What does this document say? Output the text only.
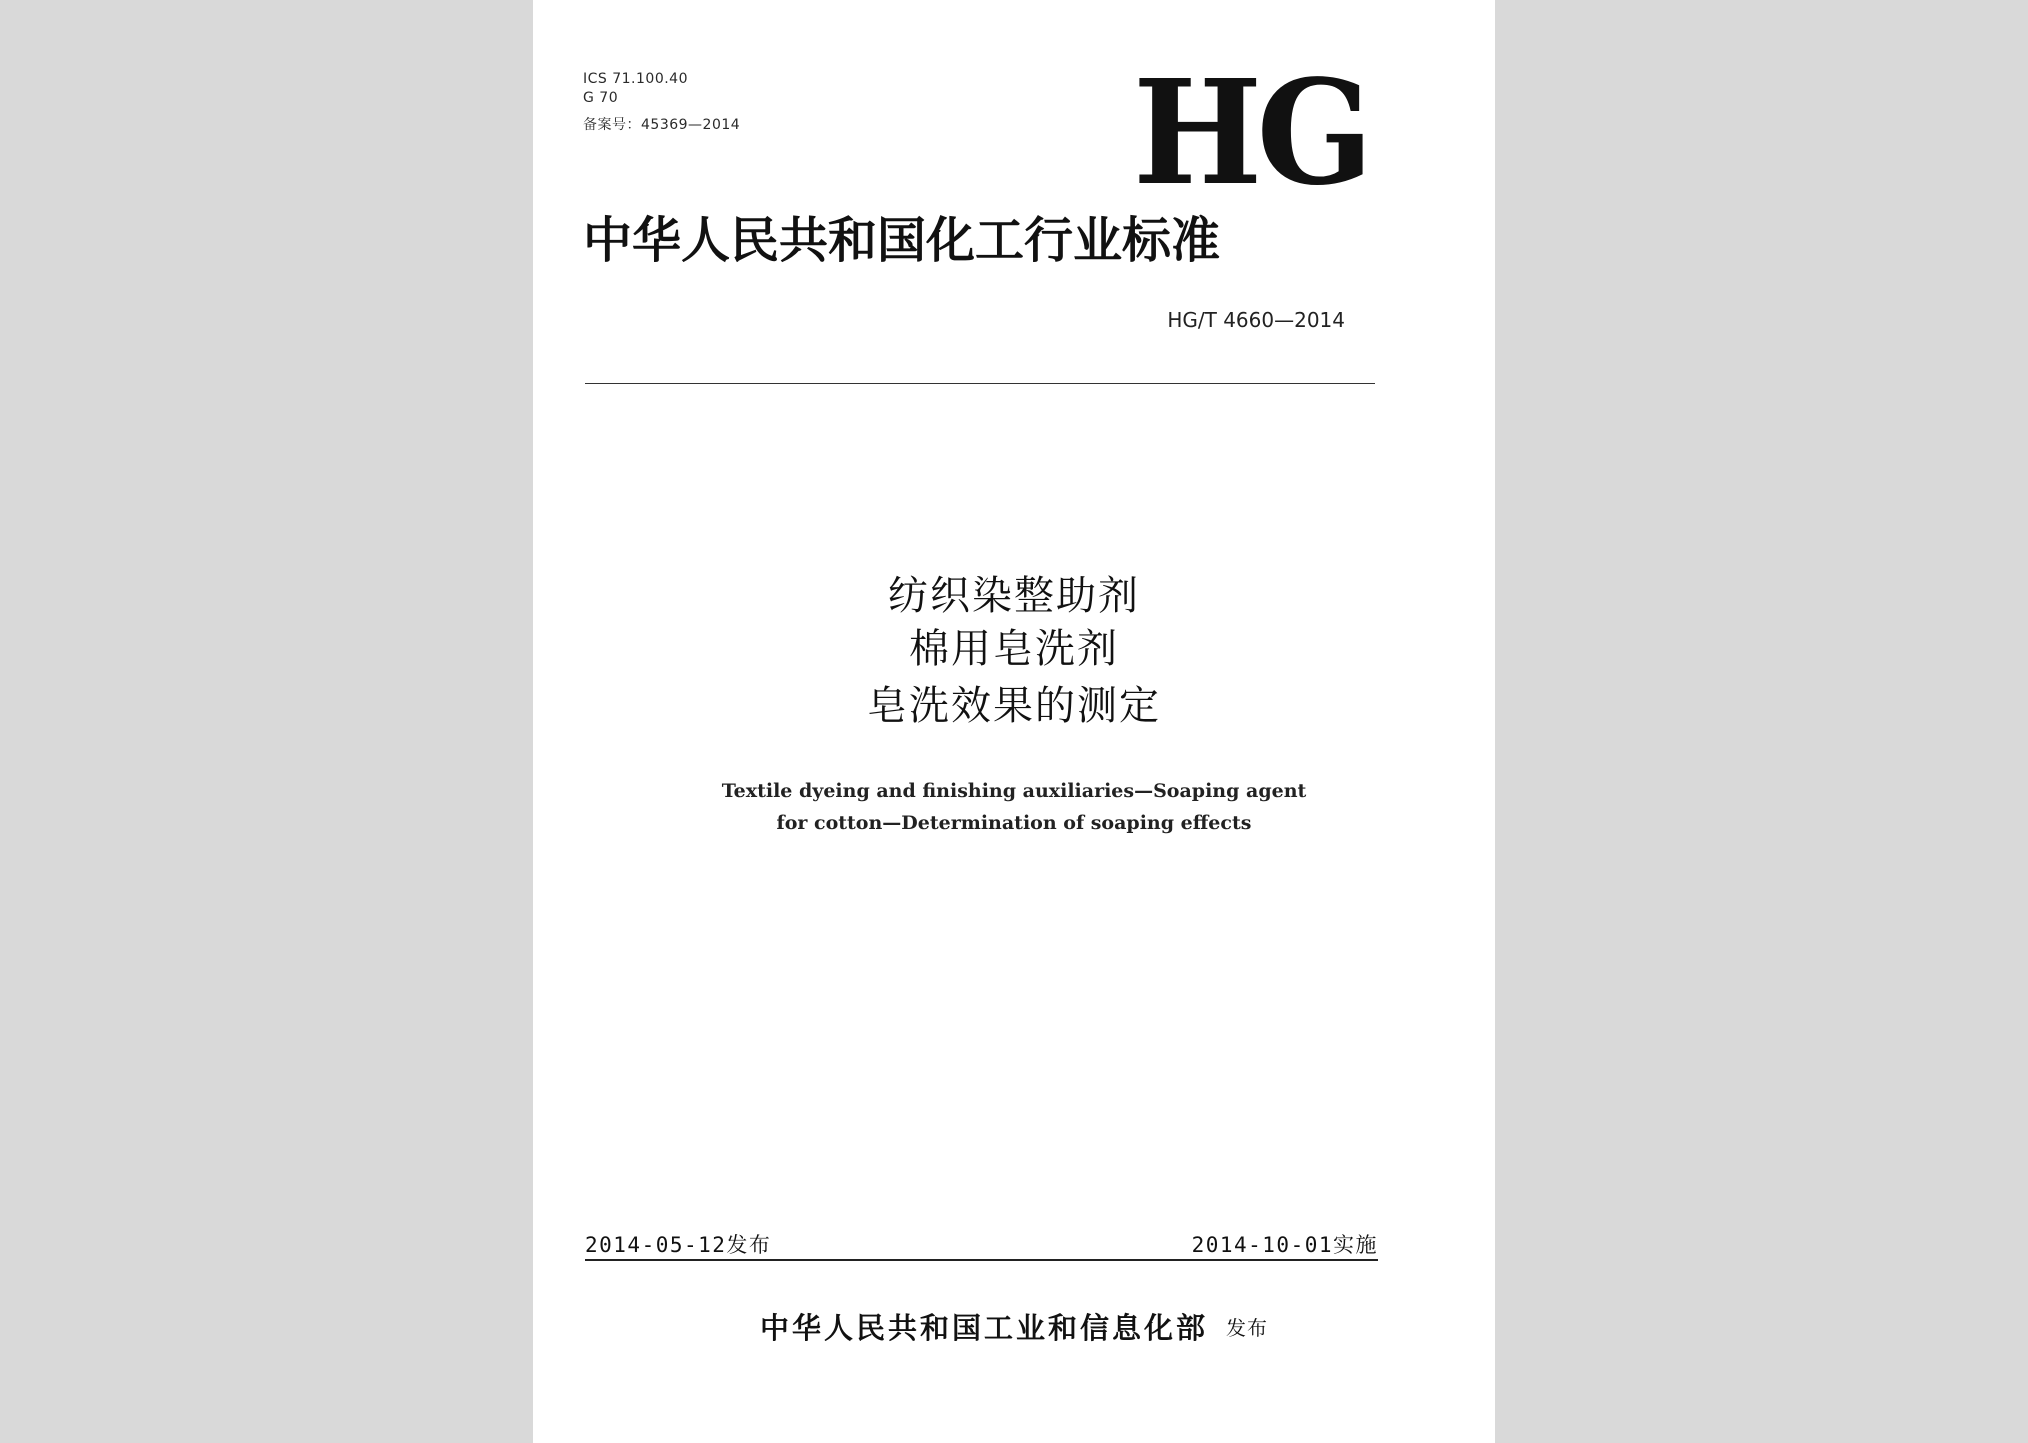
ICS 71.100.40
G 70
备案号：45369—2014	HG
中华人民共和国化工行业标准
HG/T 4660—2014
纺织染整助剂
棉用皂洗剂
皂洗效果的测定
Textile dyeing and finishing auxiliaries—Soaping agent
for cotton—Determination of soaping effects
2014-05-12发布	2014-10-01实施
中华人民共和国工业和信息化部 发布
